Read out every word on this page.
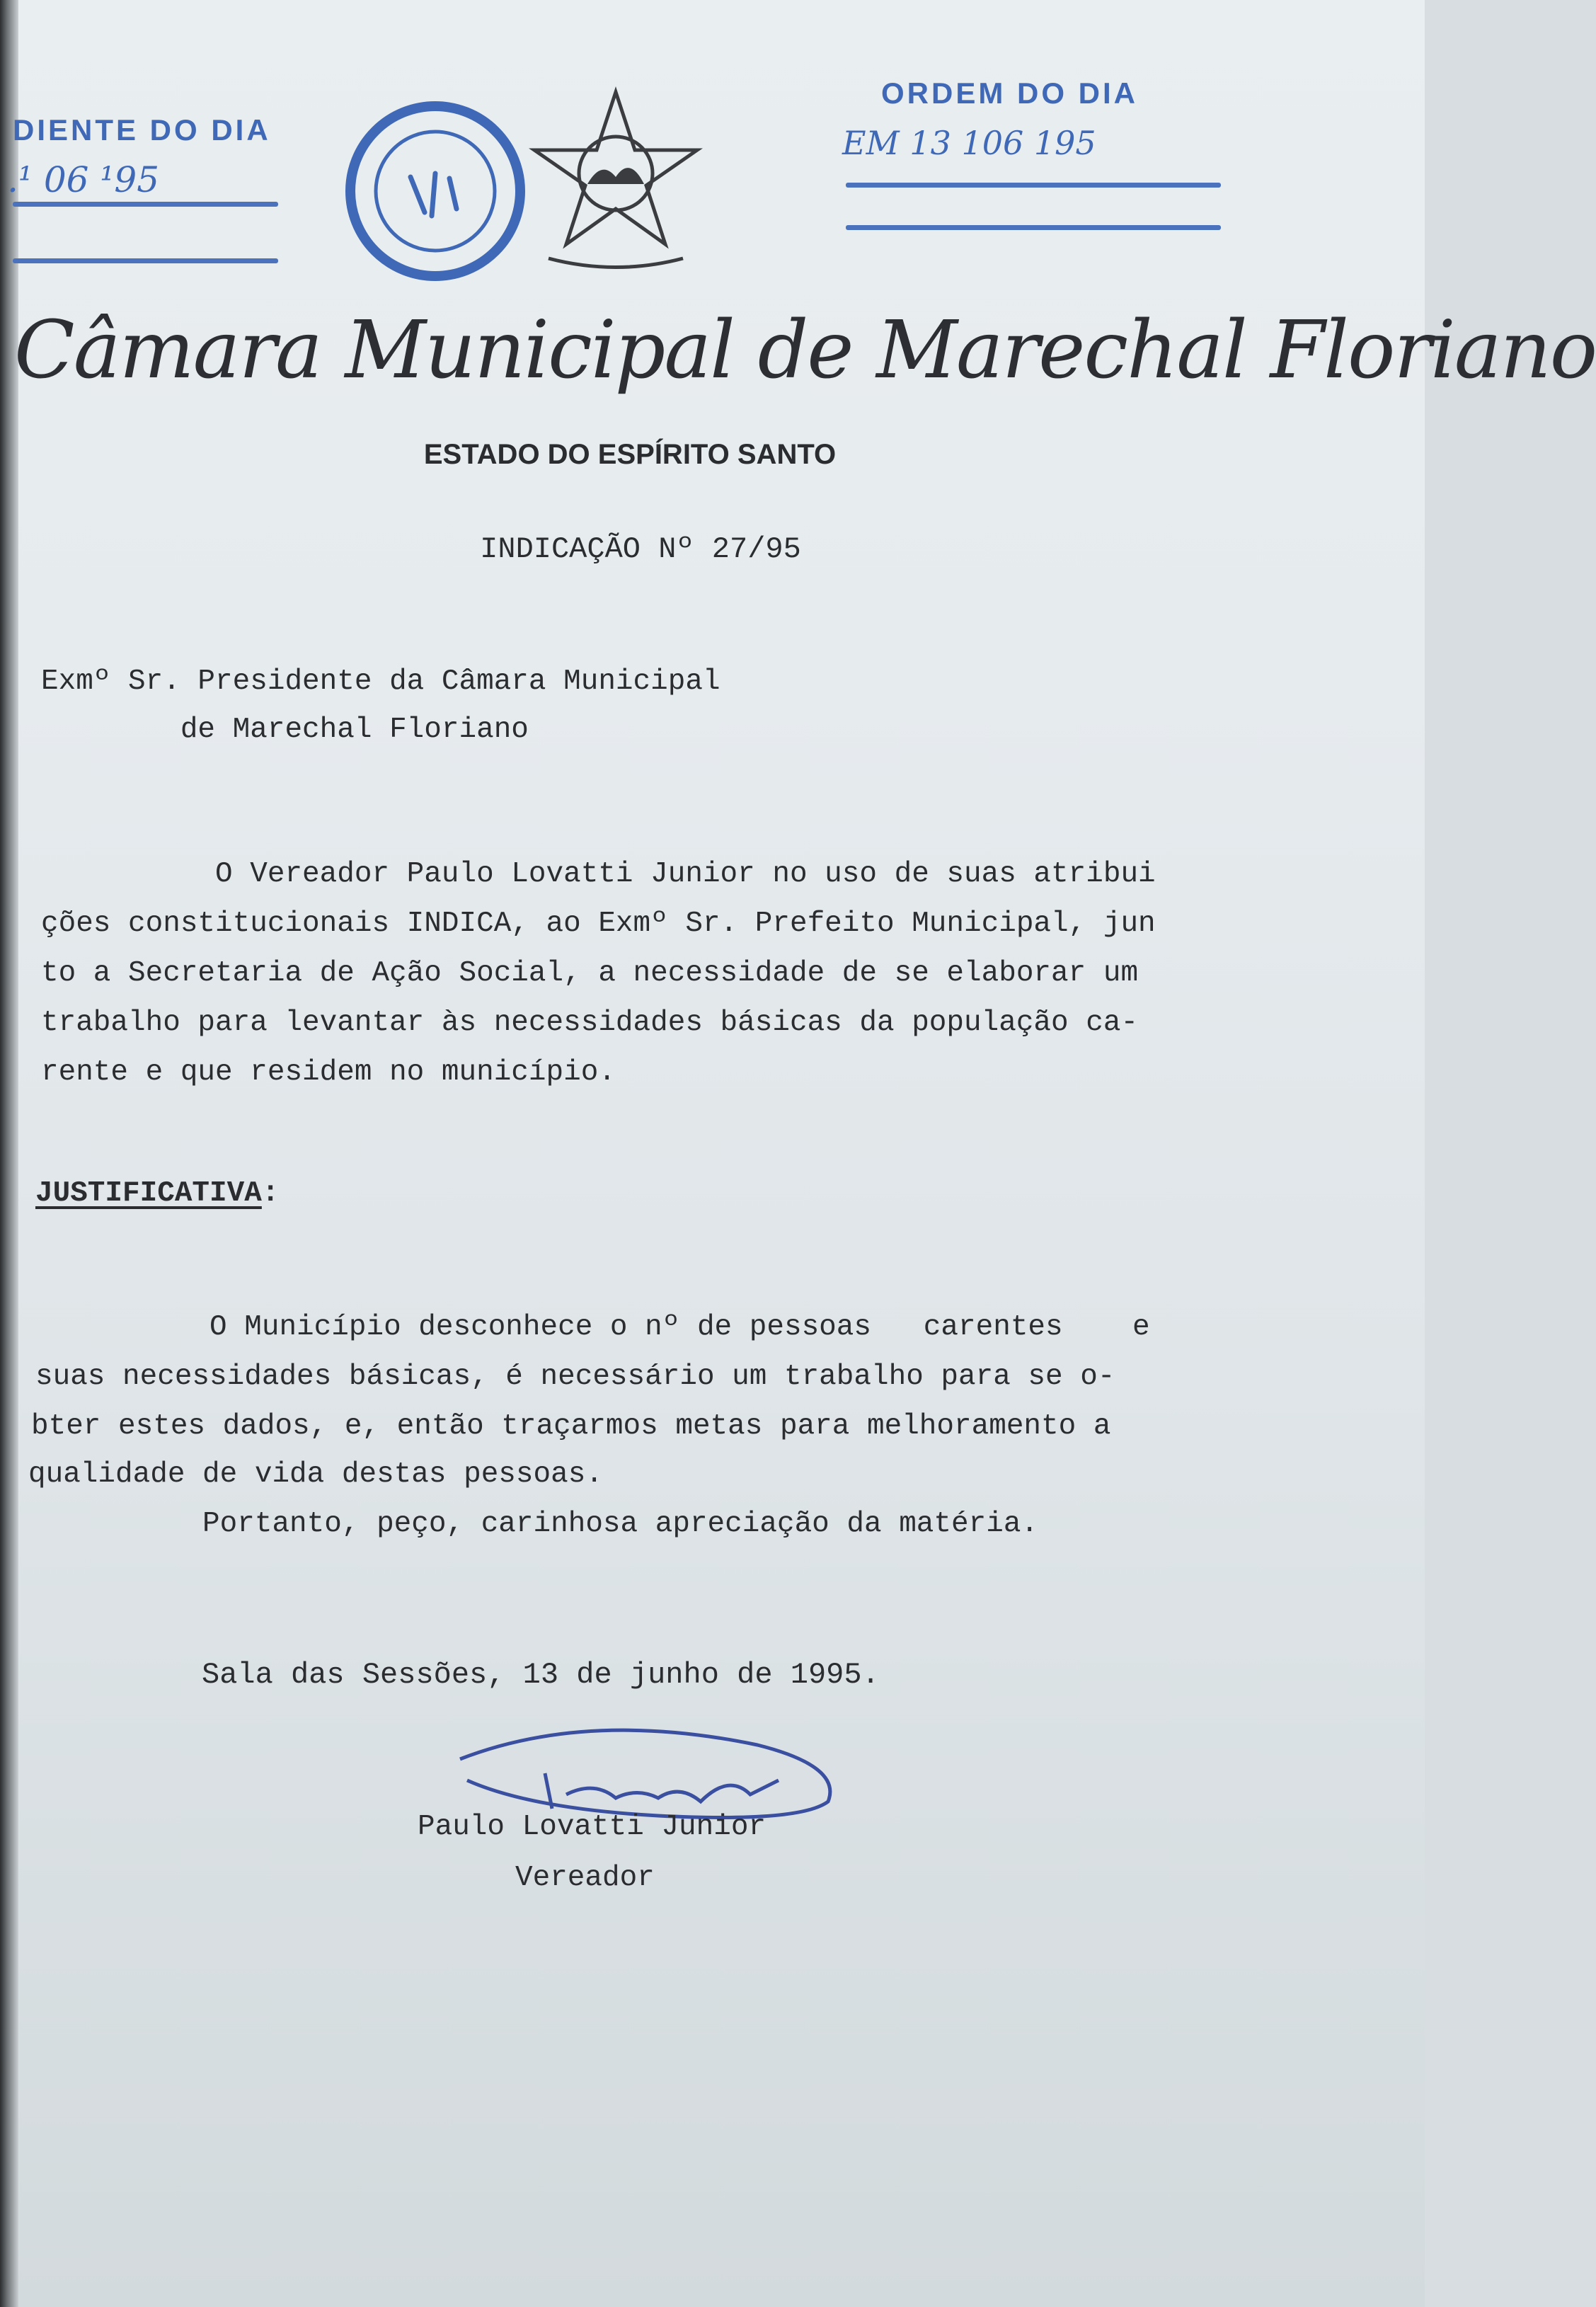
DIENTE DO DIA
.¹ 06 ¹95
ORDEM DO DIA
EM 13 106 195
Câmara Municipal de Marechal Floriano
ESTADO DO ESPÍRITO SANTO
INDICAÇÃO Nº 27/95
Exmº Sr. Presidente da Câmara Municipal
de Marechal Floriano
O Vereador Paulo Lovatti Junior no uso de suas atribui
ções constitucionais INDICA, ao Exmº Sr. Prefeito Municipal, jun
to a Secretaria de Ação Social, a necessidade de se elaborar um
trabalho para levantar às necessidades básicas da população ca-
rente e que residem no município.
JUSTIFICATIVA:
O Município desconhece o nº de pessoas   carentes    e
suas necessidades básicas, é necessário um trabalho para se o-
bter estes dados, e, então traçarmos metas para melhoramento a
qualidade de vida destas pessoas.
Portanto, peço, carinhosa apreciação da matéria.
Sala das Sessões, 13 de junho de 1995.
Paulo Lovatti Junior
Vereador
